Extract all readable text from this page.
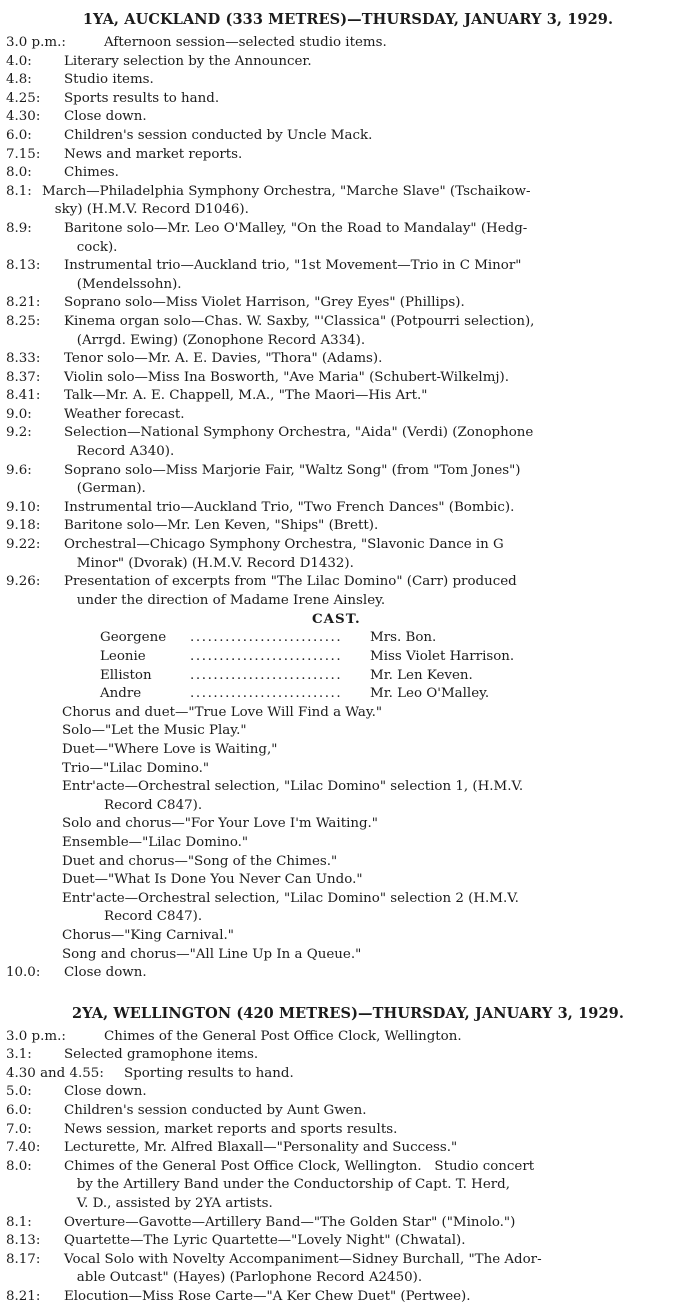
1YA, AUCKLAND (333 METRES)—THURSDAY, JANUARY 3, 1929.
3.0 p.m.:	Afternoon session—selected studio items.
4.0:	Literary selection by the Announcer.
4.8:	Studio items.
4.25:	Sports results to hand.
4.30:	Close down.
6.0:	Children's session conducted by Uncle Mack.
7.15:	News and market reports.
8.0:	Chimes.
8.1: March—Philadelphia Symphony Orchestra, "Marche Slave" (Tschaikow-
sky) (H.M.V. Record D1046).
8.9:	Baritone solo—Mr. Leo O'Malley, "On the Road to Mandalay" (Hedg-
cock).
8.13:	Instrumental trio—Auckland trio, "1st Movement—Trio in C Minor"
(Mendelssohn).
8.21:	Soprano solo—Miss Violet Harrison, "Grey Eyes" (Phillips).
8.25:	Kinema organ solo—Chas. W. Saxby, "'Classica" (Potpourri selection),
(Arrgd. Ewing) (Zonophone Record A334).
8.33:	Tenor solo—Mr. A. E. Davies, "Thora" (Adams).
8.37:	Violin solo—Miss Ina Bosworth, "Ave Maria" (Schubert-Wilkelmj).
8.41:	Talk—Mr. A. E. Chappell, M.A., "The Maori—His Art."
9.0:	Weather forecast.
9.2:	Selection—National Symphony Orchestra, "Aida" (Verdi) (Zonophone
Record A340).
9.6:	Soprano solo—Miss Marjorie Fair, "Waltz Song" (from "Tom Jones")
(German).
9.10:	Instrumental trio—Auckland Trio, "Two French Dances" (Bombic).
9.18:	Baritone solo—Mr. Len Keven, "Ships" (Brett).
9.22:	Orchestral—Chicago Symphony Orchestra, "Slavonic Dance in G
Minor" (Dvorak) (H.M.V. Record D1432).
9.26:	Presentation of excerpts from "The Lilac Domino" (Carr) produced
under the direction of Madame Irene Ainsley.
CAST.
Georgene	..........................	Mrs. Bon.
Leonie	..........................	Miss Violet Harrison.
Elliston	..........................	Mr. Len Keven.
Andre	..........................	Mr. Leo O'Malley.
Chorus and duet—"True Love Will Find a Way."
Solo—"Let the Music Play."
Duet—"Where Love is Waiting,"
Trio—"Lilac Domino."
Entr'acte—Orchestral selection, "Lilac Domino" selection 1, (H.M.V.
Record C847).
Solo and chorus—"For Your Love I'm Waiting."
Ensemble—"Lilac Domino."
Duet and chorus—"Song of the Chimes."
Duet—"What Is Done You Never Can Undo."
Entr'acte—Orchestral selection, "Lilac Domino" selection 2 (H.M.V.
Record C847).
Chorus—"King Carnival."
Song and chorus—"All Line Up In a Queue."
10.0:	Close down.
2YA, WELLINGTON (420 METRES)—THURSDAY, JANUARY 3, 1929.
3.0 p.m.:	Chimes of the General Post Office Clock, Wellington.
3.1:	Selected gramophone items.
4.30 and 4.55:	Sporting results to hand.
5.0:	Close down.
6.0:	Children's session conducted by Aunt Gwen.
7.0:	News session, market reports and sports results.
7.40:	Lecturette, Mr. Alfred Blaxall—"Personality and Success."
8.0:	Chimes of the General Post Office Clock, Wellington.   Studio concert
by the Artillery Band under the Conductorship of Capt. T. Herd,
V. D., assisted by 2YA artists.
8.1:	Overture—Gavotte—Artillery Band—"The Golden Star" ("Minolo.")
8.13:	Quartette—The Lyric Quartette—"Lovely Night" (Chwatal).
8.17:	Vocal Solo with Novelty Accompaniment—Sidney Burchall, "The Ador-
able Outcast" (Hayes) (Parlophone Record A2450).
8.21:	Elocution—Miss Rose Carte—"A Ker Chew Duet" (Pertwee).
